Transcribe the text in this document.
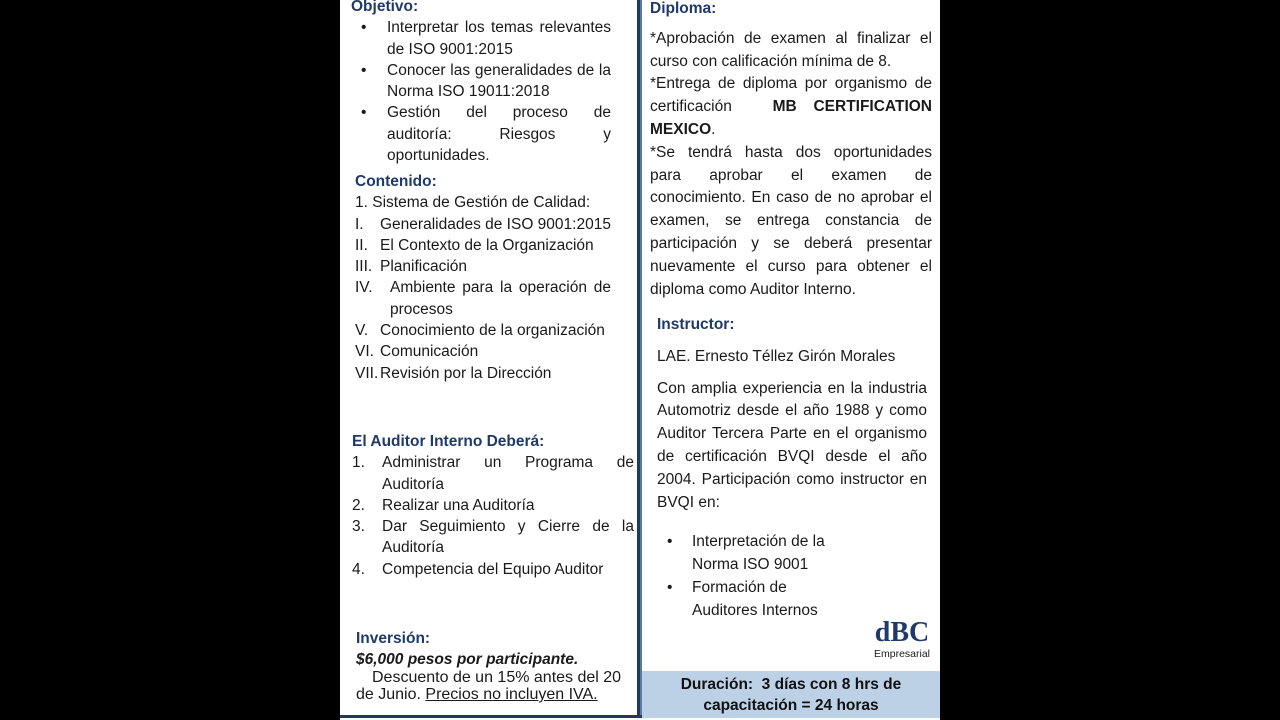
Objetivo:
• Interpretar los temas relevantes de ISO 9001:2015
• Conocer las generalidades de la Norma ISO 19011:2018
• Gestión del proceso de auditoría: Riesgos y oportunidades.
Contenido:
1. Sistema de Gestión de Calidad:
I. Generalidades de ISO 9001:2015
II. El Contexto de la Organización
III. Planificación
IV. Ambiente para la operación de procesos
V. Conocimiento de la organización
VI. Comunicación
VII. Revisión por la Dirección
El Auditor Interno Deberá:
1. Administrar un Programa de Auditoría
2. Realizar una Auditoría
3. Dar Seguimiento y Cierre de la Auditoría
4. Competencia del Equipo Auditor
Inversión:
$6,000 pesos por participante.
Descuento de un 15% antes del 20 de Junio. Precios no incluyen IVA.
Diploma:
*Aprobación de examen al finalizar el curso con calificación mínima de 8.
*Entrega de diploma por organismo de certificación	MB CERTIFICATION MEXICO.
*Se tendrá hasta dos oportunidades para aprobar el examen de conocimiento. En caso de no aprobar el examen, se entrega constancia de participación y se deberá presentar nuevamente el curso para obtener el diploma como Auditor Interno.
Instructor:
LAE. Ernesto Téllez Girón Morales
Con amplia experiencia en la industria Automotriz desde el año 1988 y como Auditor Tercera Parte en el organismo de certificación BVQI desde el año 2004. Participación como instructor en BVQI en:
• Interpretación de la Norma ISO 9001
• Formación de Auditores Internos
dBC
Empresarial
Duración:  3 días con 8 hrs de
capacitación = 24 horas
